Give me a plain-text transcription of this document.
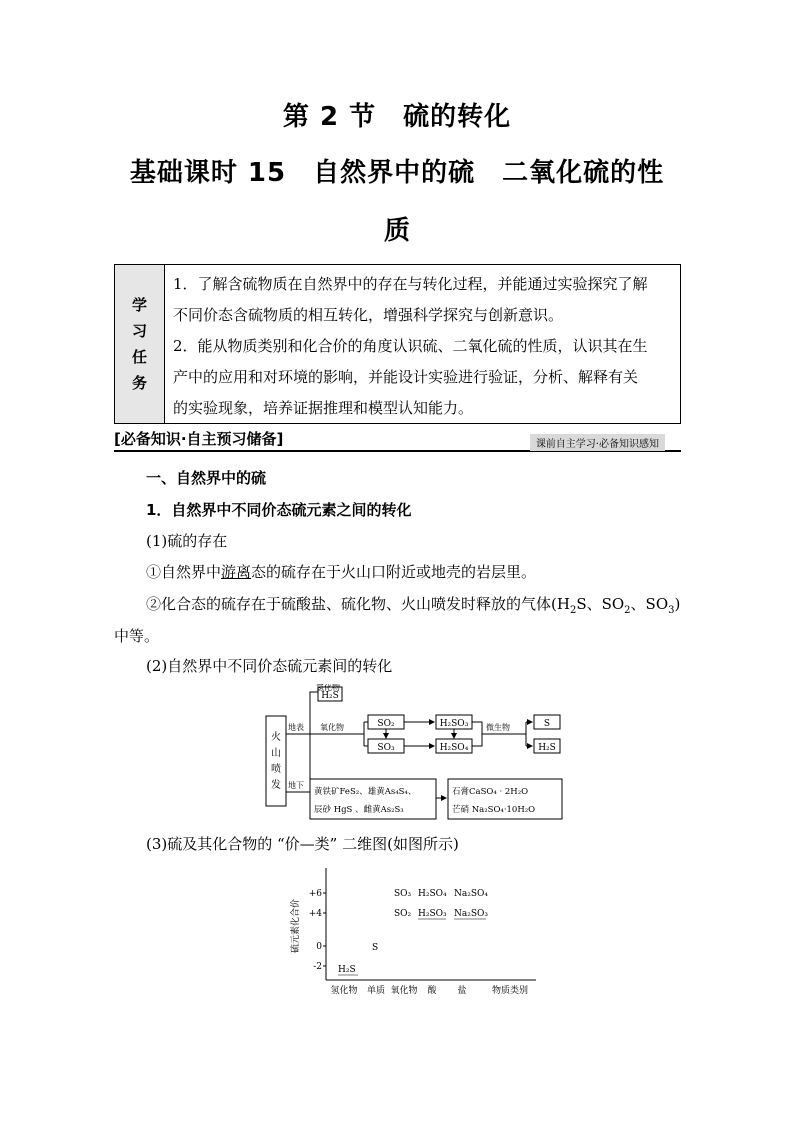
第 2 节　硫的转化
基础课时 15　自然界中的硫　二氧化硫的性
质
学
习
任
务
1．了解含硫物质在自然界中的存在与转化过程，并能通过实验探究了解
不同价态含硫物质的相互转化，增强科学探究与创新意识。
2．能从物质类别和化合价的角度认识硫、二氧化硫的性质，认识其在生
产中的应用和对环境的影响，并能设计实验进行验证，分析、解释有关
的实验现象，培养证据推理和模型认知能力。
[必备知识·自主预习储备]	课前自主学习·必备知识感知
一、自然界中的硫
1．自然界中不同价态硫元素之间的转化
(1)硫的存在
①自然界中游离态的硫存在于火山口附近或地壳的岩层里。
②化合态的硫存在于硫酸盐、硫化物、火山喷发时释放的气体($H_2S$、$SO_2$、$SO_3$)
中等。
(2)自然界中不同价态硫元素间的转化
火
山
喷
发
地表
氢化物
H₂S
氧化物	SO₂
SO₃
H₂SO₃
H₂SO₄
微生物	S
H₂S
地下
黄铁矿FeS₂、雄黄As₄S₄、
辰砂 HgS 、雌黄As₂S₃
石膏CaSO₄ · 2H₂O
芒硝 Na₂SO₄·10H₂O
(3)硫及其化合物的 “价—类” 二维图(如图所示)
硫元素化合价
+6
+4
0
-2
SO₃ H₂SO₄ Na₂SO₄
SO₂ H₂SO₃ Na₂SO₃
S
H₂S
氢化物 单质 氧化物 酸 盐	物质类别
